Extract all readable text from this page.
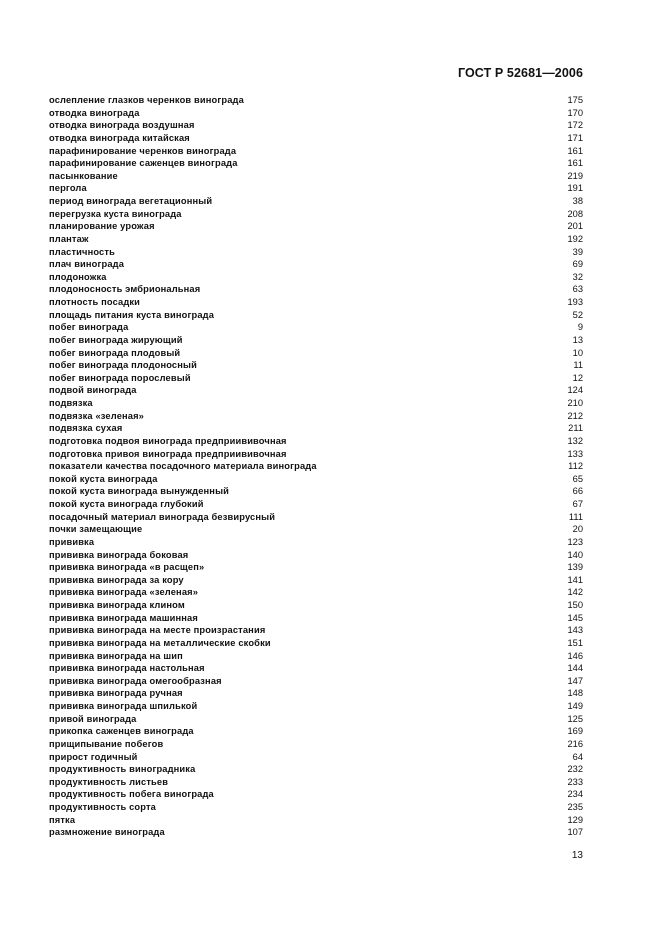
ГОСТ Р 52681—2006
ослепление глазков черенков винограда	175
отводка винограда	170
отводка винограда воздушная	172
отводка винограда китайская	171
парафинирование черенков винограда	161
парафинирование саженцев винограда	161
пасынкование	219
пергола	191
период винограда вегетационный	38
перегрузка куста винограда	208
планирование урожая	201
плантаж	192
пластичность	39
плач винограда	69
плодоножка	32
плодоносность эмбриональная	63
плотность посадки	193
площадь питания куста винограда	52
побег винограда	9
побег винограда жирующий	13
побег винограда плодовый	10
побег винограда плодоносный	11
побег винограда порослевый	12
подвой винограда	124
подвязка	210
подвязка «зеленая»	212
подвязка сухая	211
подготовка подвоя винограда предприививочная	132
подготовка привоя винограда предприививочная	133
показатели качества посадочного материала винограда	112
покой куста винограда	65
покой куста винограда вынужденный	66
покой куста винограда глубокий	67
посадочный материал винограда безвирусный	111
почки замещающие	20
прививка	123
прививка винограда боковая	140
прививка винограда «в расщеп»	139
прививка винограда за кору	141
прививка винограда «зеленая»	142
прививка винограда клином	150
прививка винограда машинная	145
прививка винограда на месте произрастания	143
прививка винограда на металлические скобки	151
прививка винограда на шип	146
прививка винограда настольная	144
прививка винограда омегообразная	147
прививка винограда ручная	148
прививка винограда шпилькой	149
привой винограда	125
прикопка саженцев винограда	169
прищипывание побегов	216
прирост годичный	64
продуктивность виноградника	232
продуктивность листьев	233
продуктивность побега винограда	234
продуктивность сорта	235
пятка	129
размножение винограда	107
13
